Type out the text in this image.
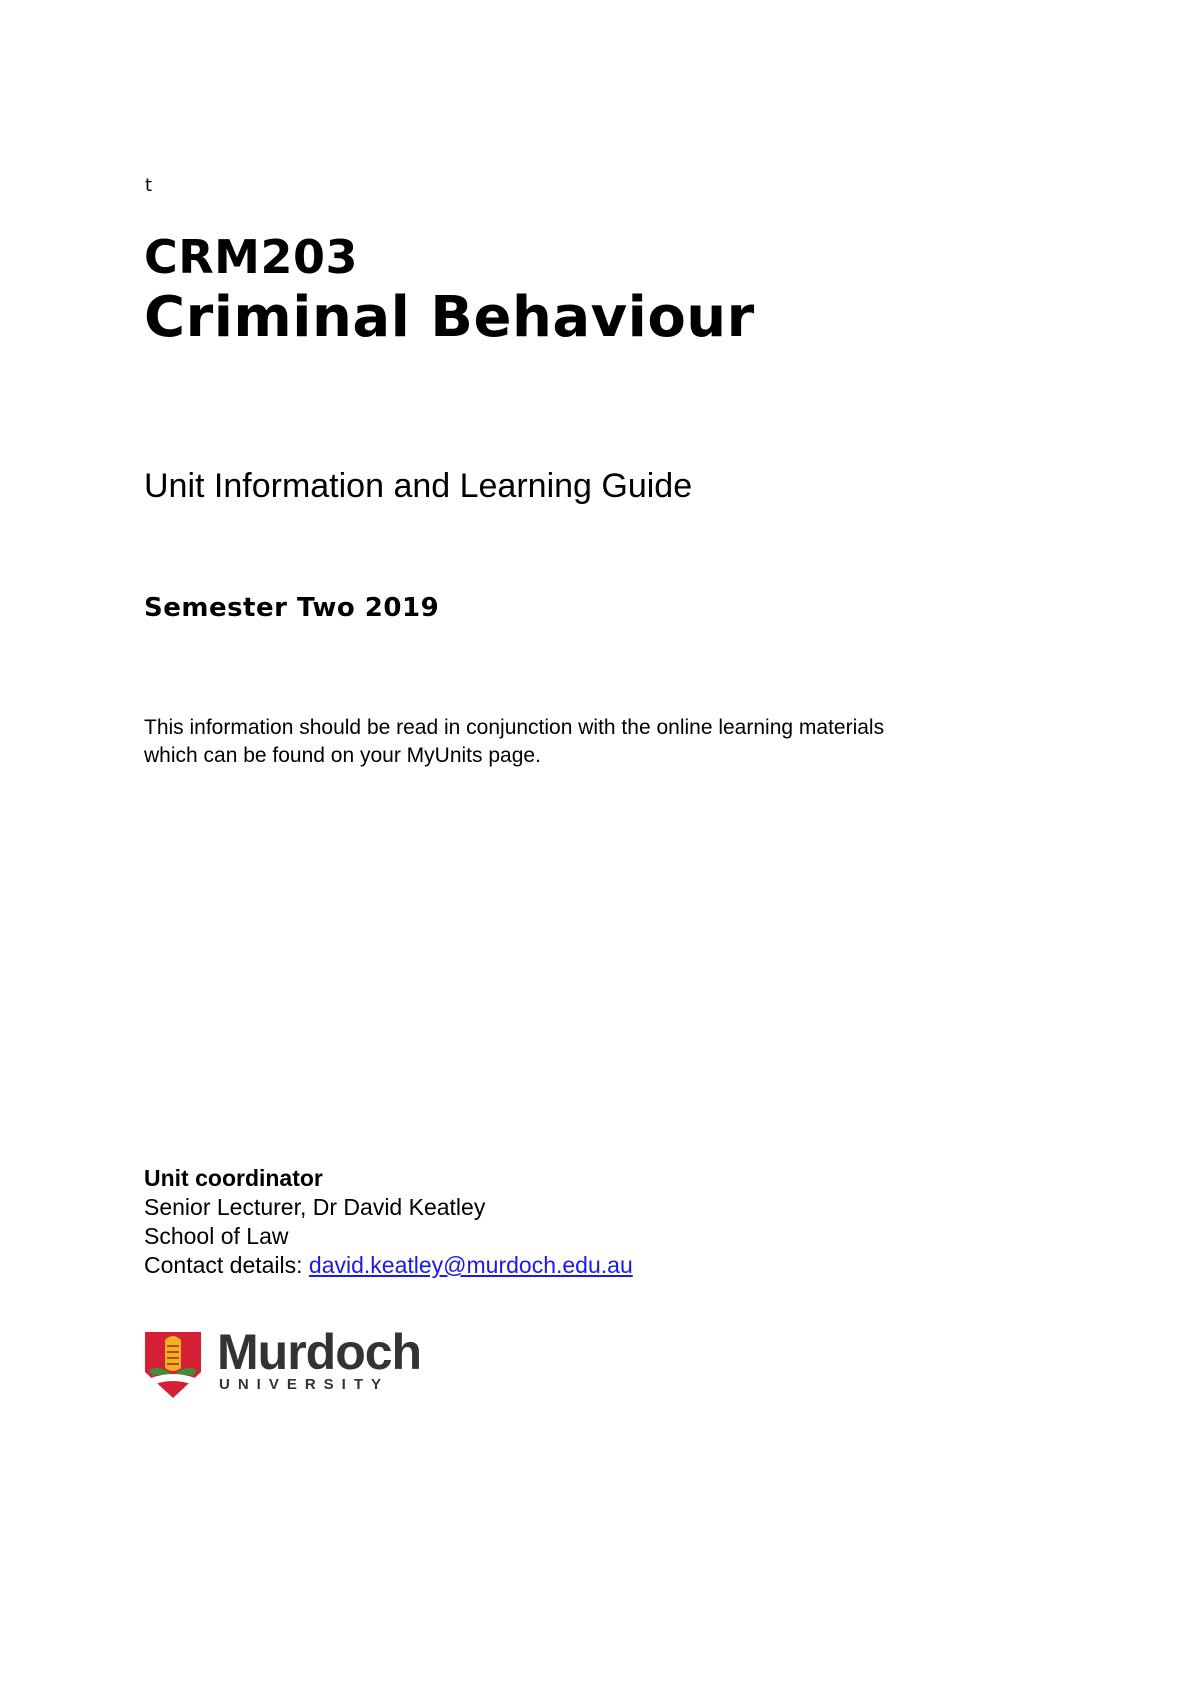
t
CRM203
Criminal Behaviour
Unit Information and Learning Guide
Semester Two 2019

This information should be read in conjunction with the online learning materials

which can be found on your MyUnits page.

Unit coordinator

Senior Lecturer, Dr David Keatley

School of Law

Contact details: david.keatley@murdoch.edu.au

Murdoch
UNIVERSITY
